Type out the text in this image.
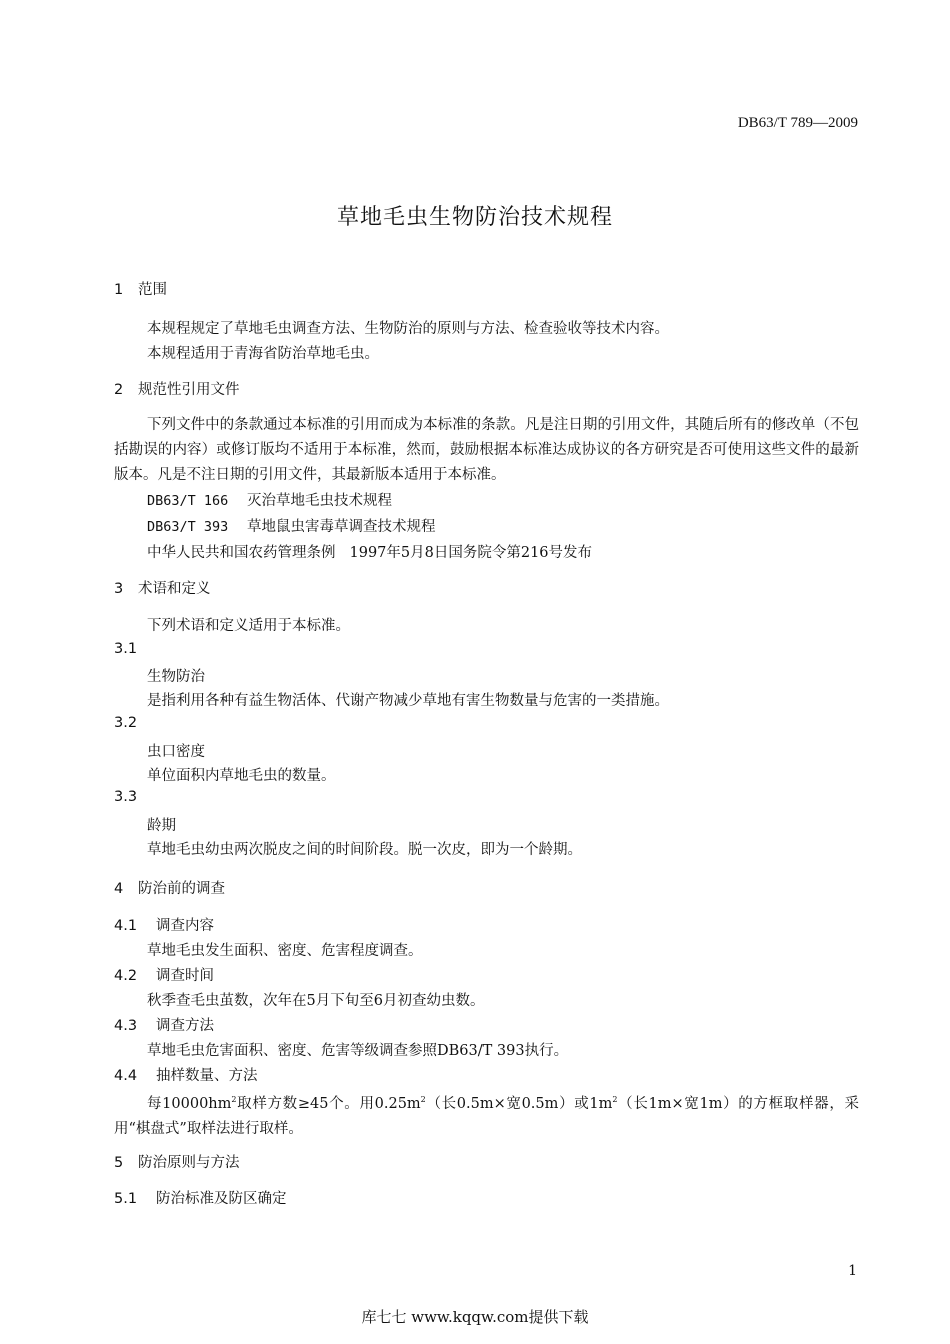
DB63/T 789—2009
草地毛虫生物防治技术规程
1 范围
本规程规定了草地毛虫调查方法、生物防治的原则与方法、检查验收等技术内容。
本规程适用于青海省防治草地毛虫。
2 规范性引用文件
下列文件中的条款通过本标准的引用而成为本标准的条款。凡是注日期的引用文件，其随后所有的修改单（不包括勘误的内容）或修订版均不适用于本标准，然而，鼓励根据本标准达成协议的各方研究是否可使用这些文件的最新版本。凡是不注日期的引用文件，其最新版本适用于本标准。
DB63/T 166 灭治草地毛虫技术规程
DB63/T 393 草地鼠虫害毒草调查技术规程
中华人民共和国农药管理条例 1997年5月8日国务院令第216号发布
3 术语和定义
下列术语和定义适用于本标准。
3.1
生物防治
是指利用各种有益生物活体、代谢产物减少草地有害生物数量与危害的一类措施。
3.2
虫口密度
单位面积内草地毛虫的数量。
3.3
龄期
草地毛虫幼虫两次脱皮之间的时间阶段。脱一次皮，即为一个龄期。
4 防治前的调查
4.1 调查内容
草地毛虫发生面积、密度、危害程度调查。
4.2 调查时间
秋季查毛虫茧数，次年在5月下旬至6月初查幼虫数。
4.3 调查方法
草地毛虫危害面积、密度、危害等级调查参照DB63/T 393执行。
4.4 抽样数量、方法
每$10000hm^2$取样方数≥45个。用$0.25m^2$（长0.5m×宽0.5m）或$1m^2$（长1m×宽1m）的方框取样器，采用“棋盘式”取样法进行取样。
5 防治原则与方法
5.1 防治标准及防区确定
1
库七七 www.kqqw.com提供下载
